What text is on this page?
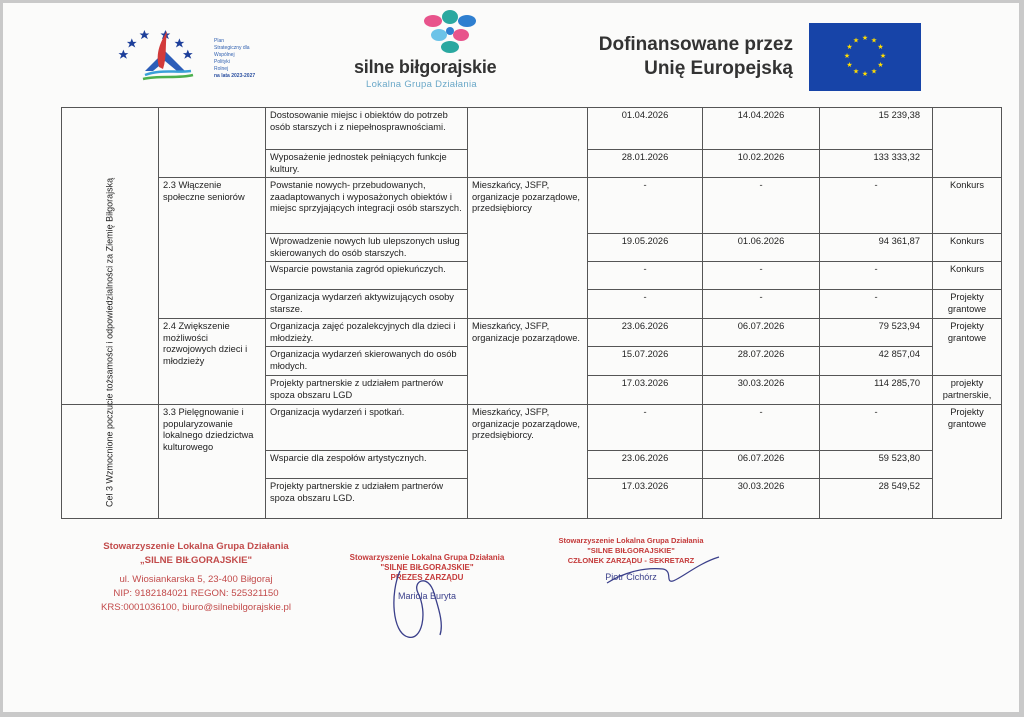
Plan
Strategiczny dla
Wspólnej
Polityki
Rolnej
na lata 2023-2027	silne biłgorajskie
Lokalna Grupa Działania
Dofinansowane przez
Unię Europejską
★ ★
★
★
★
★
★
★
★
★
★
★
		Dostosowanie miejsc i obiektów do potrzeb osób starszych i z niepełnosprawnościami.		01.04.2026	14.04.2026	15 239,38	
		Wyposażenie jednostek pełniących funkcje kultury.		28.01.2026	10.02.2026	133 333,32	
	2.3 Włączenie społeczne seniorów	Powstanie nowych- przebudowanych, zaadaptowanych i wyposażonych obiektów i miejsc sprzyjających integracji osób starszych.	Mieszkańcy, JSFP, organizacje pozarządowe, przedsiębiorcy	-	-	-	Konkurs
		Wprowadzenie nowych lub ulepszonych usług skierowanych do osób starszych.		19.05.2026	01.06.2026	94 361,87	Konkurs
		Wsparcie powstania zagród opiekuńczych.		-	-	-	Konkurs
		Organizacja wydarzeń aktywizujących osoby starsze.		-	-	-	Projekty grantowe
	2.4 Zwiększenie możliwości rozwojowych dzieci i młodzieży	Organizacja zajęć pozalekcyjnych dla dzieci i młodzieży.	Mieszkańcy, JSFP, organizacje pozarządowe.	23.06.2026	06.07.2026	79 523,94	Projekty grantowe
		Organizacja wydarzeń skierowanych do osób młodych.		15.07.2026	28.07.2026	42 857,04	
		Projekty partnerskie z udziałem partnerów spoza obszaru LGD		17.03.2026	30.03.2026	114 285,70	projekty partnerskie,

Cel 3 Wzmocnione poczucie tożsamości i odpowiedzialności za Ziemię Biłgorajską	3.3 Pielęgnowanie i popularyzowanie lokalnego dziedzictwa kulturowego	Organizacja wydarzeń i spotkań.	Mieszkańcy, JSFP, organizacje pozarządowe, przedsiębiorcy.	-	-	-	Projekty grantowe
		Wsparcie dla zespołów artystycznych.		23.06.2026	06.07.2026	59 523,80	
		Projekty partnerskie z udziałem partnerów spoza obszaru LGD.		17.03.2026	30.03.2026	28 549,52	
Stowarzyszenie Lokalna Grupa Działania
„SILNE BIŁGORAJSKIE"
ul. Wiosiankarska 5, 23-400 Biłgoraj
NIP: 9182184021 REGON: 525321150
KRS:0001036100, biuro@silnebilgorajskie.pl
Stowarzyszenie Lokalna Grupa Działania
"SILNE BIŁGORAJSKIE"
PREZES ZARZĄDU
Mariola Buryta
Stowarzyszenie Lokalna Grupa Działania
"SILNE BIŁGORAJSKIE"
CZŁONEK ZARZĄDU - SEKRETARZ
Piotr Cichórz
